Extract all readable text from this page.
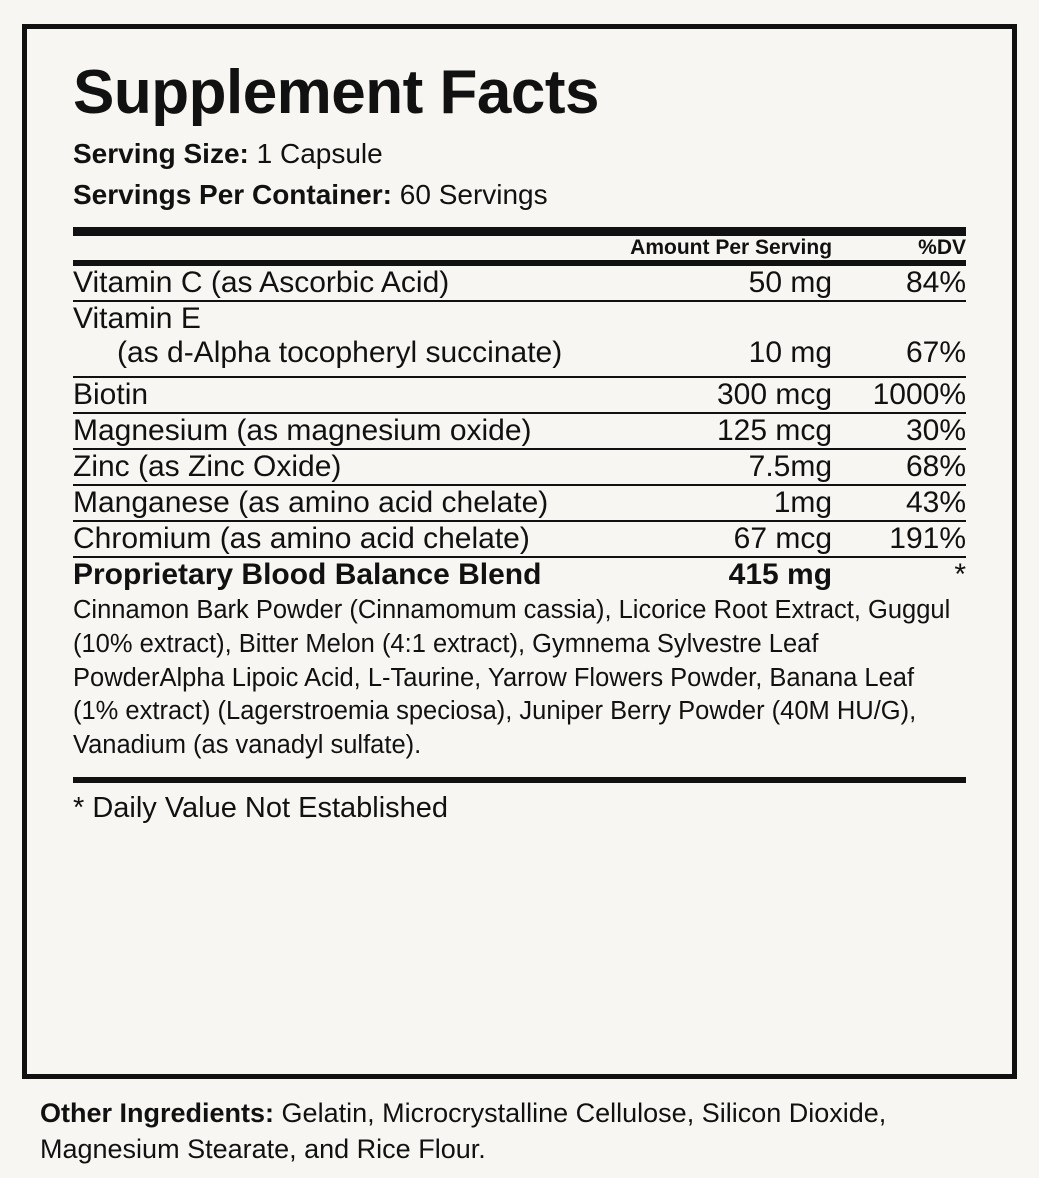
Supplement Facts
Serving Size: 1 Capsule
Servings Per Container: 60 Servings
	Amount Per Serving	%DV
Vitamin C (as Ascorbic Acid)	50 mg	84%
Vitamin E
(as d-Alpha tocopheryl succinate)	10 mg	67%
Biotin	300 mcg	1000%
Magnesium (as magnesium oxide)	125 mcg	30%
Zinc (as Zinc Oxide)	7.5mg	68%
Manganese (as amino acid chelate)	1mg	43%
Chromium (as amino acid chelate)	67 mcg	191%
Proprietary Blood Balance Blend	415 mg	*
Cinnamon Bark Powder (Cinnamomum cassia), Licorice Root Extract, Guggul (10% extract), Bitter Melon (4:1 extract), Gymnema Sylvestre Leaf PowderAlpha Lipoic Acid, L-Taurine, Yarrow Flowers Powder, Banana Leaf (1% extract) (Lagerstroemia speciosa), Juniper Berry Powder (40M HU/G), Vanadium (as vanadyl sulfate).
* Daily Value Not Established
Other Ingredients: Gelatin, Microcrystalline Cellulose, Silicon Dioxide, Magnesium Stearate, and Rice Flour.
